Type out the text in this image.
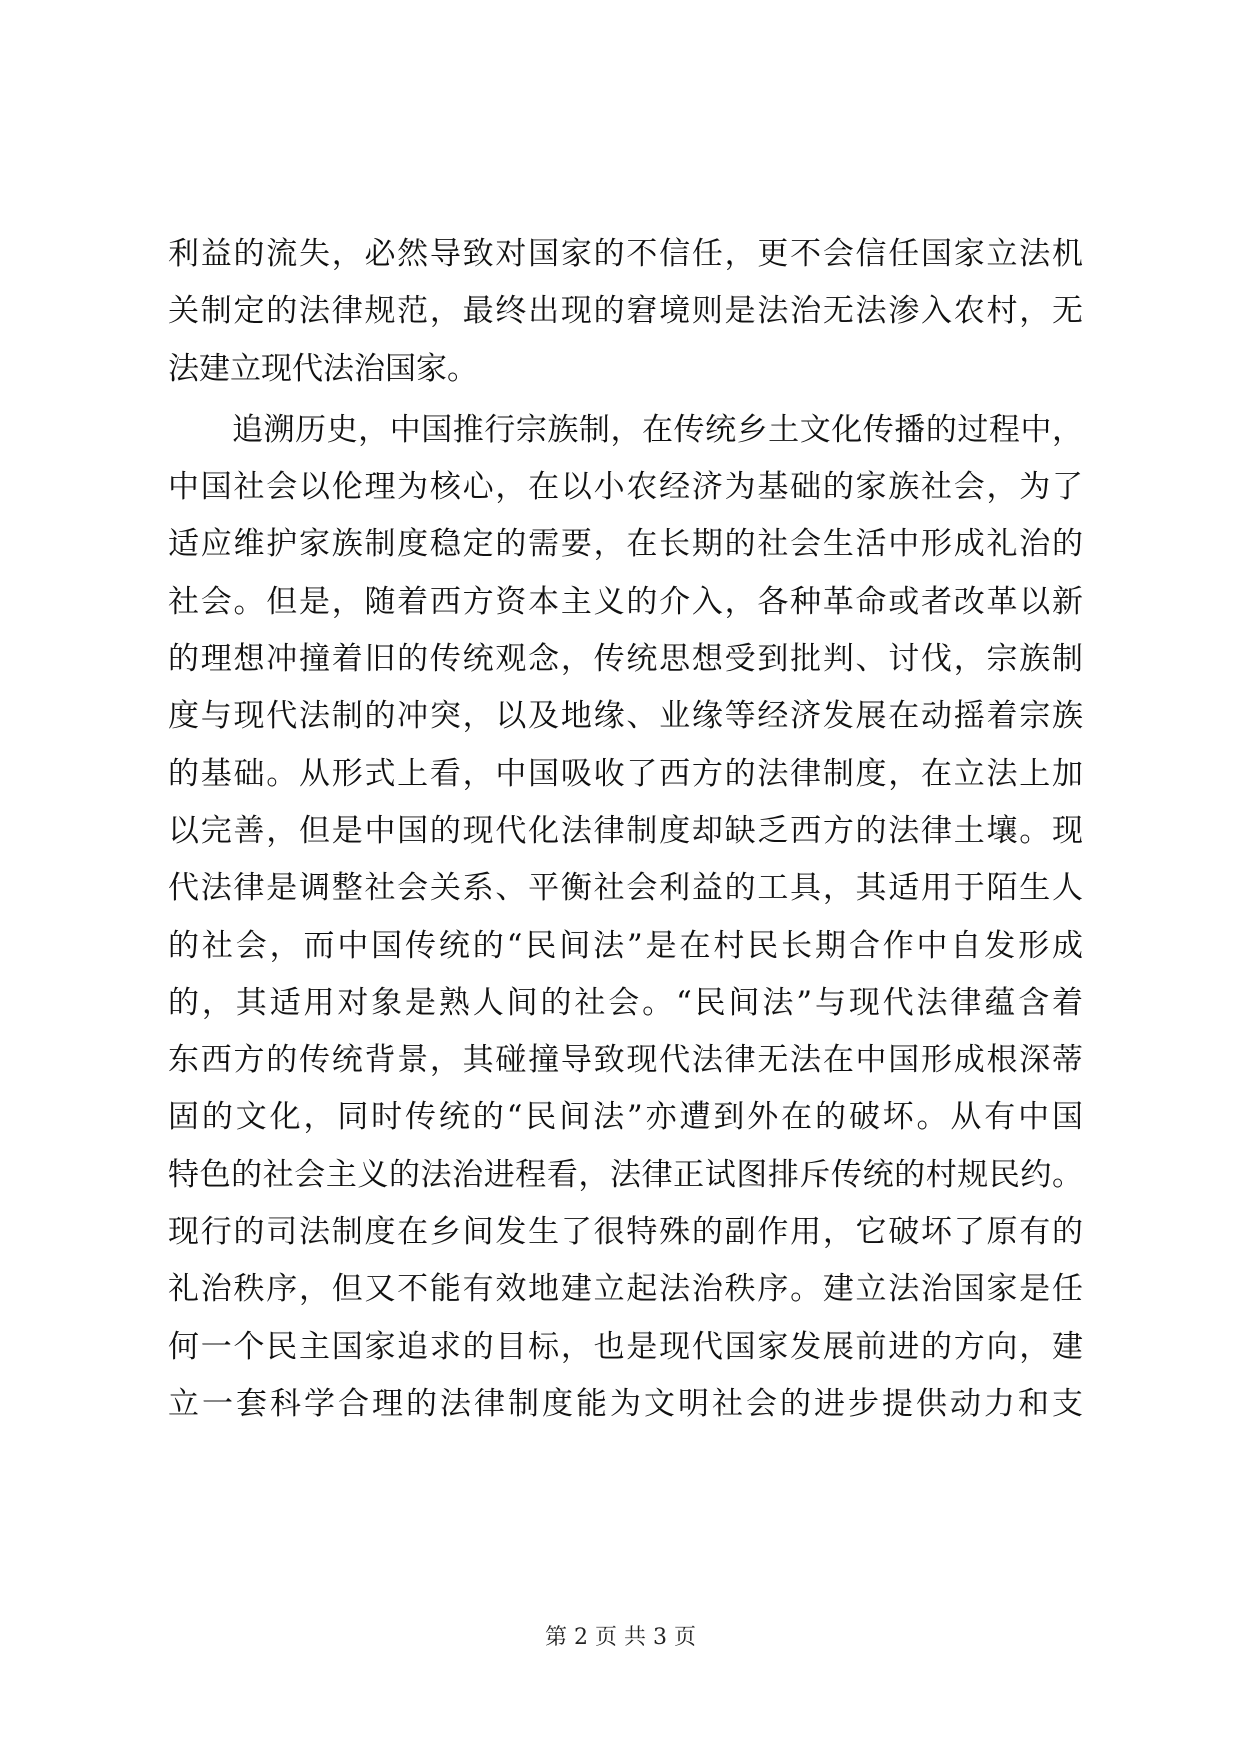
利益的流失，必然导致对国家的不信任，更不会信任国家立法机
关制定的法律规范，最终出现的窘境则是法治无法渗入农村，无
法建立现代法治国家。
追溯历史，中国推行宗族制，在传统乡土文化传播的过程中，
中国社会以伦理为核心，在以小农经济为基础的家族社会，为了
适应维护家族制度稳定的需要，在长期的社会生活中形成礼治的
社会。但是，随着西方资本主义的介入，各种革命或者改革以新
的理想冲撞着旧的传统观念，传统思想受到批判、讨伐，宗族制
度与现代法制的冲突，以及地缘、业缘等经济发展在动摇着宗族
的基础。从形式上看，中国吸收了西方的法律制度，在立法上加
以完善，但是中国的现代化法律制度却缺乏西方的法律土壤。现
代法律是调整社会关系、平衡社会利益的工具，其适用于陌生人
的社会，而中国传统的“民间法”是在村民长期合作中自发形成
的，其适用对象是熟人间的社会。“民间法”与现代法律蕴含着
东西方的传统背景，其碰撞导致现代法律无法在中国形成根深蒂
固的文化，同时传统的“民间法”亦遭到外在的破坏。从有中国
特色的社会主义的法治进程看，法律正试图排斥传统的村规民约。
现行的司法制度在乡间发生了很特殊的副作用，它破坏了原有的
礼治秩序，但又不能有效地建立起法治秩序。建立法治国家是任
何一个民主国家追求的目标，也是现代国家发展前进的方向，建
立一套科学合理的法律制度能为文明社会的进步提供动力和支
第 2 页 共 3 页
